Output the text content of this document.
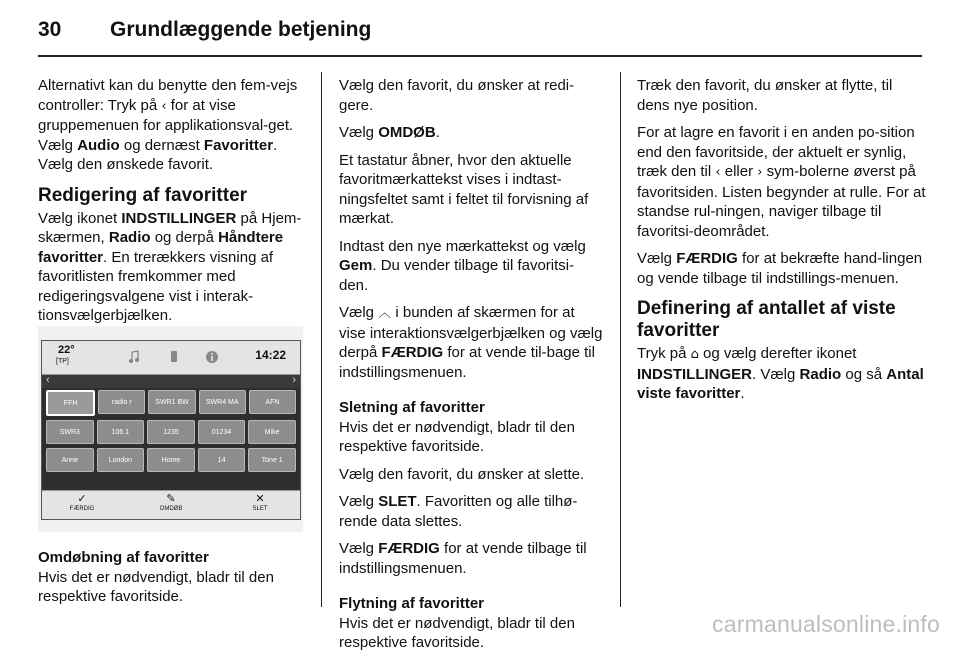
30 Grundlæggende betjening

Alternativt kan du benytte den fem-vejs controller: Tryk på ‹ for at vise gruppemenuen for applikationsval-get. Vælg Audio og dernæst Favoritter. Vælg den ønskede favorit.

Redigering af favoritter

Vælg ikonet INDSTILLINGER på Hjem-skærmen, Radio og derpå Håndtere favoritter. En trerækkers visning af favoritlisten fremkommer med redigeringsvalgene vist i interak-tionsvælgerbjælken.

22°
[TP]	14:22
‹	›
FFH	radio r	SWR1 BW	SWR4 MA	AFN
SWR3	106.1	1235	01234	Mike
Anne	London	Home	14	Tone 1
✓
FÆRDIG
✎
OMDØB
✕
SLET
Omdøbning af favoritter

Hvis det er nødvendigt, bladr til den respektive favoritside.

Vælg den favorit, du ønsker at redi-gere.

Vælg OMDØB.

Et tastatur åbner, hvor den aktuelle favoritmærkattekst vises i indtast-ningsfeltet samt i feltet til forvisning af mærkat.

Indtast den nye mærkattekst og vælg Gem. Du vender tilbage til favoritsi-den.

Vælg ︿ i bunden af skærmen for at vise interaktionsvælgerbjælken og vælg derpå FÆRDIG for at vende til-bage til indstillingsmenuen.

Sletning af favoritter

Hvis det er nødvendigt, bladr til den respektive favoritside.

Vælg den favorit, du ønsker at slette.

Vælg SLET. Favoritten og alle tilhø-rende data slettes.

Vælg FÆRDIG for at vende tilbage til indstillingsmenuen.

Flytning af favoritter

Hvis det er nødvendigt, bladr til den respektive favoritside.

Træk den favorit, du ønsker at flytte, til dens nye position.

For at lagre en favorit i en anden po-sition end den favoritside, der aktuelt er synlig, træk den til ‹ eller › sym-bolerne øverst på favoritsiden. Listen begynder at rulle. For at standse rul-ningen, naviger tilbage til favoritsi-deområdet.

Vælg FÆRDIG for at bekræfte hand-lingen og vende tilbage til indstillings-menuen.

Definering af antallet af viste favoritter

Tryk på ⌂ og vælg derefter ikonet INDSTILLINGER. Vælg Radio og så Antal viste favoritter.

carmanualsonline.info
